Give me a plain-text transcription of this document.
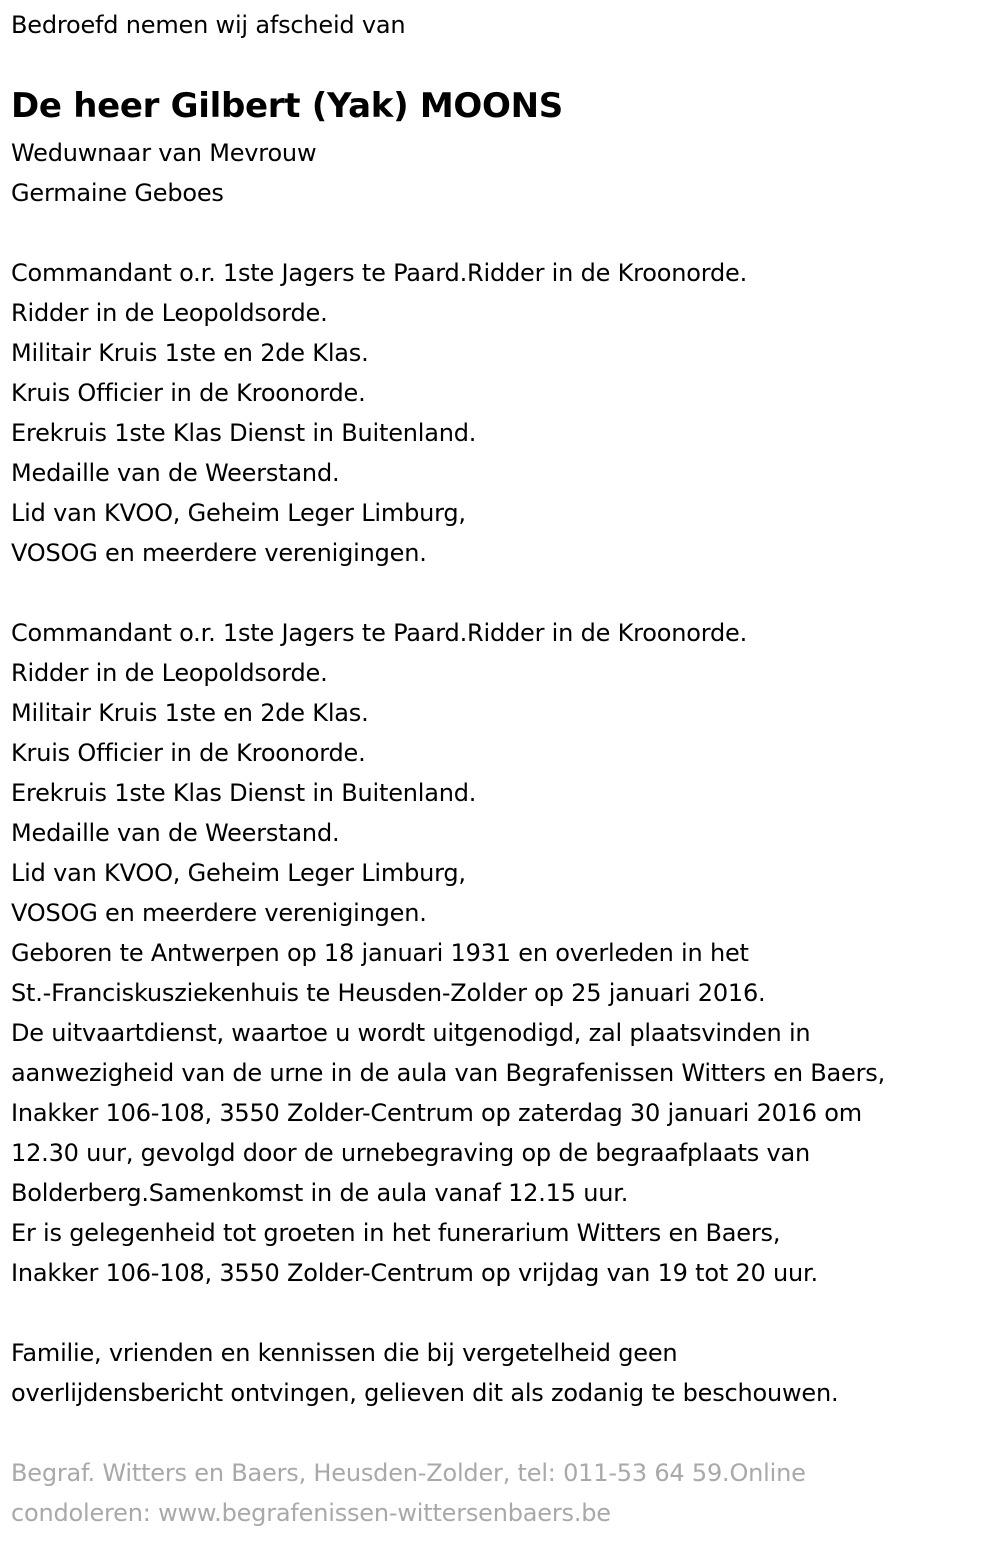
Bedroefd nemen wij afscheid van
De heer Gilbert (Yak) MOONS
Weduwnaar van Mevrouw
Germaine Geboes
Commandant o.r. 1ste Jagers te Paard.Ridder in de Kroonorde.
Ridder in de Leopoldsorde.
Militair Kruis 1ste en 2de Klas.
Kruis Officier in de Kroonorde.
Erekruis 1ste Klas Dienst in Buitenland.
Medaille van de Weerstand.
Lid van KVOO, Geheim Leger Limburg,
VOSOG en meerdere verenigingen.
Commandant o.r. 1ste Jagers te Paard.Ridder in de Kroonorde.
Ridder in de Leopoldsorde.
Militair Kruis 1ste en 2de Klas.
Kruis Officier in de Kroonorde.
Erekruis 1ste Klas Dienst in Buitenland.
Medaille van de Weerstand.
Lid van KVOO, Geheim Leger Limburg,
VOSOG en meerdere verenigingen.
Geboren te Antwerpen op 18 januari 1931 en overleden in het
St.-Franciskusziekenhuis te Heusden-Zolder op 25 januari 2016.
De uitvaartdienst, waartoe u wordt uitgenodigd, zal plaatsvinden in
aanwezigheid van de urne in de aula van Begrafenissen Witters en Baers,
Inakker 106-108, 3550 Zolder-Centrum op zaterdag 30 januari 2016 om
12.30 uur, gevolgd door de urnebegraving op de begraafplaats van
Bolderberg.Samenkomst in de aula vanaf 12.15 uur.
Er is gelegenheid tot groeten in het funerarium Witters en Baers,
Inakker 106-108, 3550 Zolder-Centrum op vrijdag van 19 tot 20 uur.
Familie, vrienden en kennissen die bij vergetelheid geen
overlijdensbericht ontvingen, gelieven dit als zodanig te beschouwen.
Begraf. Witters en Baers, Heusden-Zolder, tel: 011-53 64 59.Online
condoleren: www.begrafenissen-wittersenbaers.be
